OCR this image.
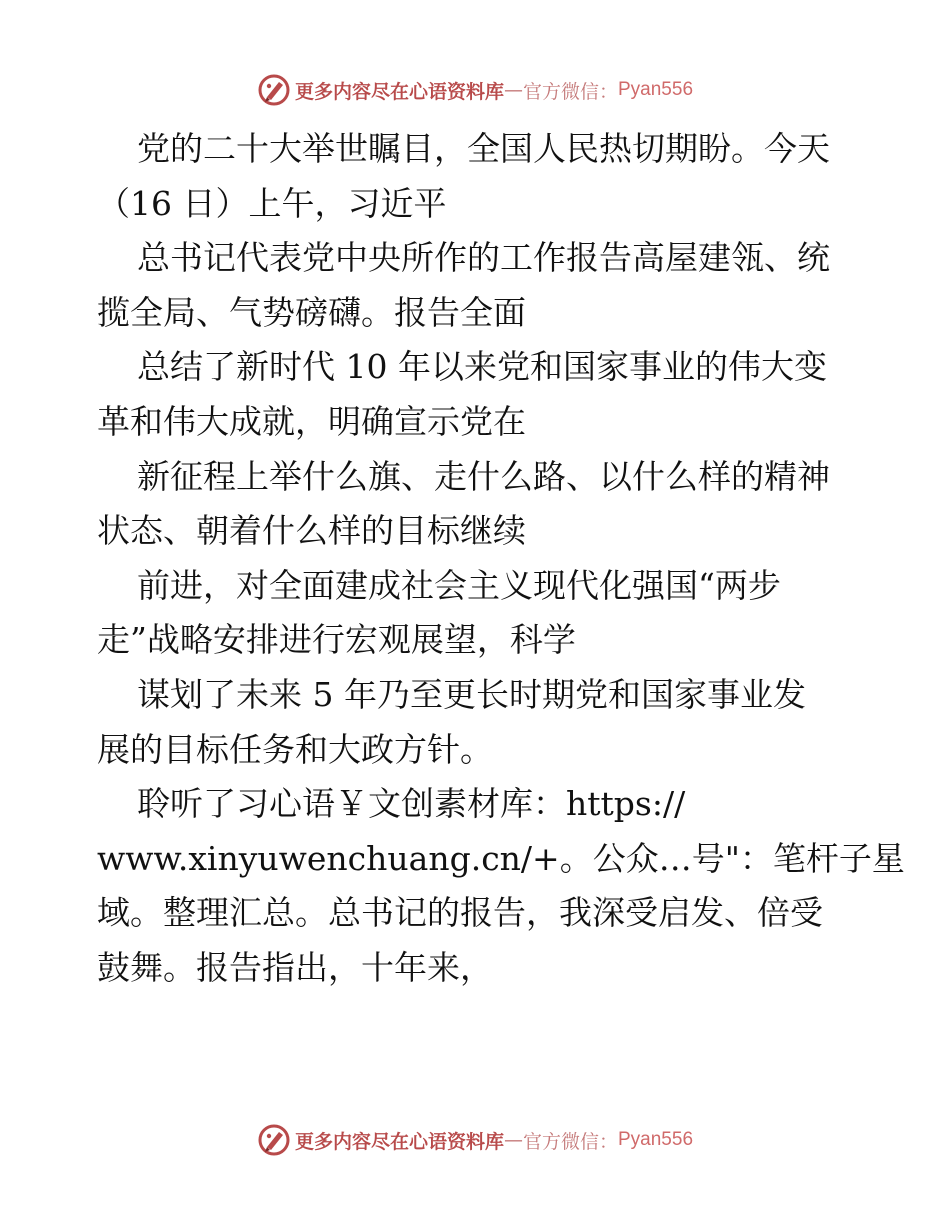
更多内容尽在心语资料库 — 官方微信： Pyan556
党的二十大举世瞩目，全国人民热切期盼。今天
（16 日）上午，习近平
总书记代表党中央所作的工作报告高屋建瓴、统
揽全局、气势磅礴。报告全面
总结了新时代 10 年以来党和国家事业的伟大变
革和伟大成就，明确宣示党在
新征程上举什么旗、走什么路、以什么样的精神
状态、朝着什么样的目标继续
前进，对全面建成社会主义现代化强国“两步
走”战略安排进行宏观展望，科学
谋划了未来 5 年乃至更长时期党和国家事业发
展的目标任务和大政方针。
聆听了习心语￥文创素材库：https://
www.xinyuwenchuang.cn/+。公众…号"：笔杆子星
域。整理汇总。总书记的报告，我深受启发、倍受
鼓舞。报告指出，十年来，
更多内容尽在心语资料库 — 官方微信： Pyan556
